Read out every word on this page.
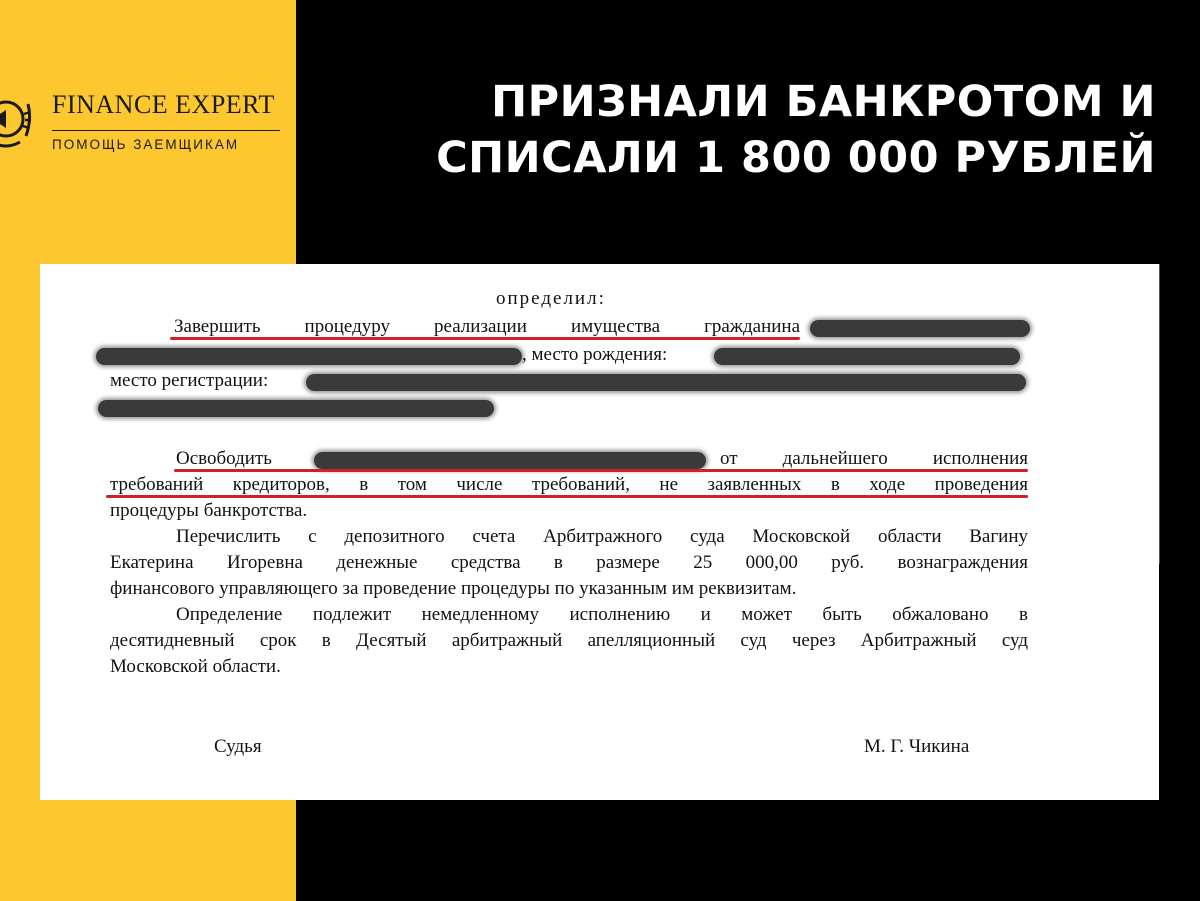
FINANCE EXPERT
ПОМОЩЬ ЗАЕМЩИКАМ
ПРИЗНАЛИ БАНКРОТОМ И
СПИСАЛИ 1 800 000 РУБЛЕЙ
определил:
Завершить процедуру реализации имущества гражданина
, место рождения:
место регистрации:
Освободить	от дальнейшего исполнения
требований кредиторов, в том числе требований, не заявленных в ходе проведения
процедуры банкротства.
Перечислить с депозитного счета Арбитражного суда Московской области Вагину
Екатерина Игоревна денежные средства в размере 25 000,00 руб. вознаграждения
финансового управляющего за проведение процедуры по указанным им реквизитам.
Определение подлежит немедленному исполнению и может быть обжаловано в
десятидневный срок в Десятый арбитражный апелляционный суд через Арбитражный суд
Московской области.
Судья	М. Г. Чикина
